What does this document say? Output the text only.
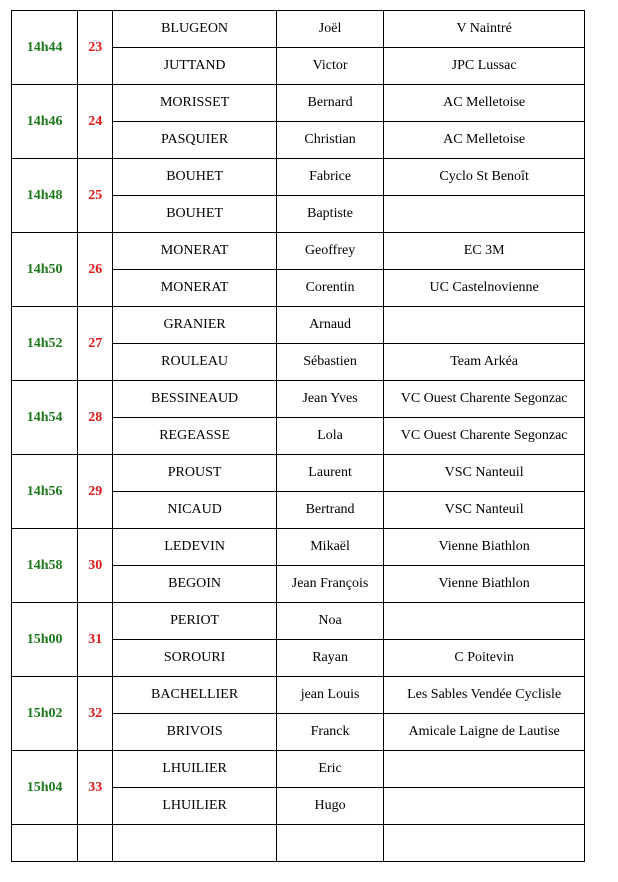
14h44	23	BLUGEON	Joël	V Naintré
		JUTTAND	Victor	JPC Lussac
14h46	24	MORISSET	Bernard	AC Melletoise
		PASQUIER	Christian	AC Melletoise
14h48	25	BOUHET	Fabrice	Cyclo St Benoît
		BOUHET	Baptiste	
14h50	26	MONERAT	Geoffrey	EC 3M
		MONERAT	Corentin	UC Castelnovienne
14h52	27	GRANIER	Arnaud	
		ROULEAU	Sébastien	Team Arkéa
14h54	28	BESSINEAUD	Jean Yves	VC Ouest Charente Segonzac
		REGEASSE	Lola	VC Ouest Charente Segonzac
14h56	29	PROUST	Laurent	VSC Nanteuil
		NICAUD	Bertrand	VSC Nanteuil
14h58	30	LEDEVIN	Mikaël	Vienne Biathlon
		BEGOIN	Jean François	Vienne Biathlon
15h00	31	PERIOT	Noa	
		SOROURI	Rayan	C Poitevin
15h02	32	BACHELLIER	jean Louis	Les Sables Vendée Cyclisle
		BRIVOIS	Franck	Amicale Laigne de Lautise
15h04	33	LHUILIER	Eric	
		LHUILIER	Hugo	
